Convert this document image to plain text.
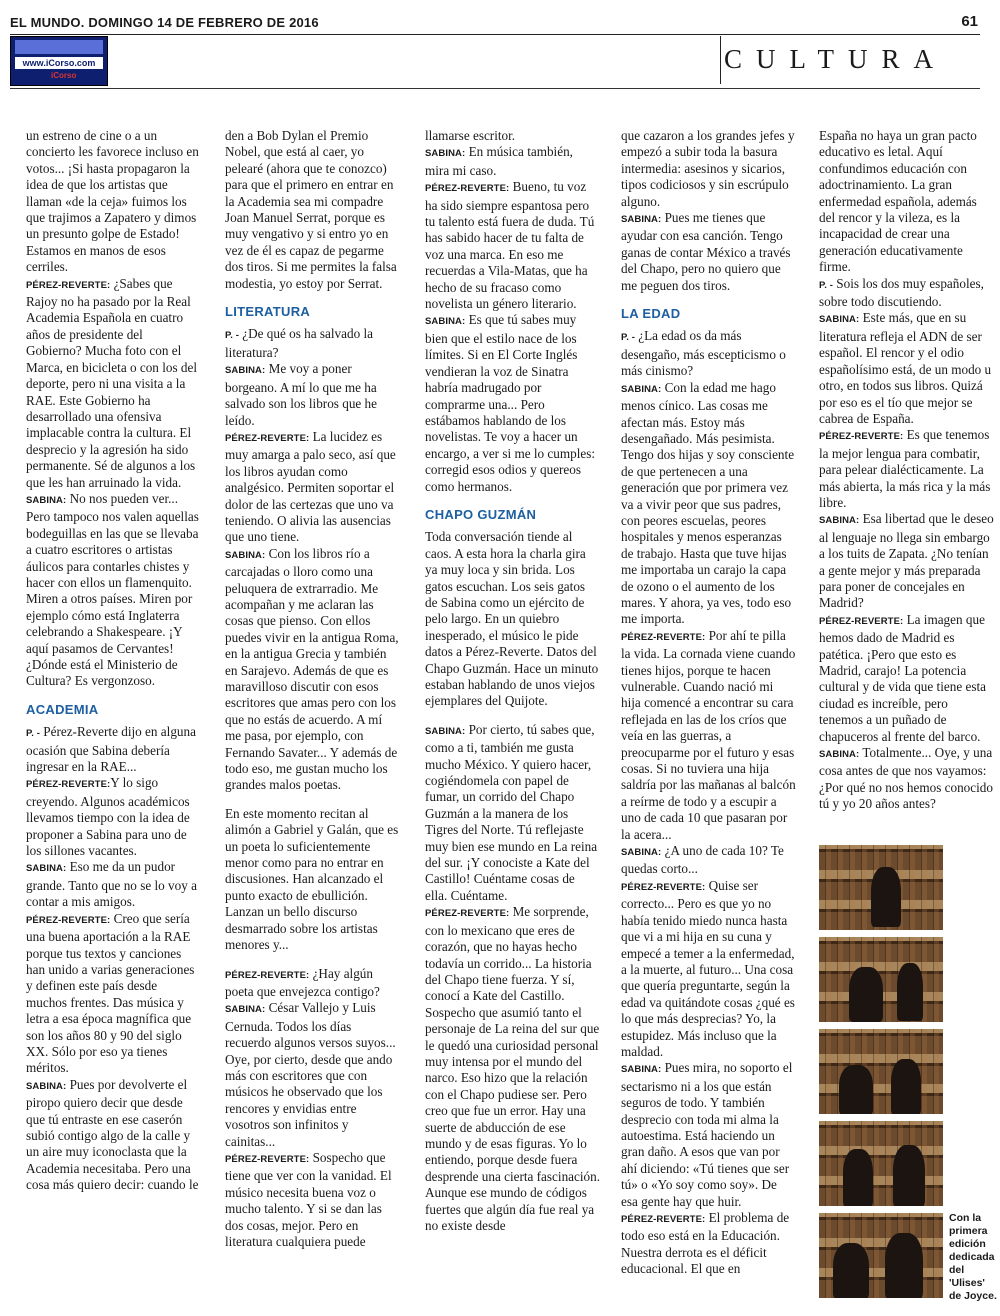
EL MUNDO. DOMINGO 14 DE FEBRERO DE 2016	61
www.iCorso.com
iCorso
CULTURA

un estreno de cine o a un concierto les favorece incluso en votos... ¡Si hasta propagaron la idea de que los artistas que llaman «de la ceja» fuimos los que trajimos a Zapatero y dimos un presunto golpe de Estado! Estamos en manos de esos cerriles.

PÉREZ-REVERTE: ¿Sabes que Rajoy no ha pasado por la Real Academia Española en cuatro años de presidente del Gobierno? Mucha foto con el Marca, en bicicleta o con los del deporte, pero ni una visita a la RAE. Este Gobierno ha desarrollado una ofensiva implacable contra la cultura. El desprecio y la agresión ha sido permanente. Sé de algunos a los que les han arruinado la vida.

SABINA: No nos pueden ver... Pero tampoco nos valen aquellas bodeguillas en las que se llevaba a cuatro escritores o artistas áulicos para contarles chistes y hacer con ellos un flamenquito. Miren a otros países. Miren por ejemplo cómo está Inglaterra celebrando a Shakespeare. ¡Y aquí pasamos de Cervantes! ¿Dónde está el Ministerio de Cultura? Es vergonzoso.

ACADEMIA

P. - Pérez-Reverte dijo en alguna ocasión que Sabina debería ingresar en la RAE...

PÉREZ-REVERTE:Y lo sigo creyendo. Algunos académicos llevamos tiempo con la idea de proponer a Sabina para uno de los sillones vacantes.

SABINA: Eso me da un pudor grande. Tanto que no se lo voy a contar a mis amigos.

PÉREZ-REVERTE: Creo que sería una buena aportación a la RAE porque tus textos y canciones han unido a varias generaciones y definen este país desde muchos frentes. Das música y letra a esa época magnífica que son los años 80 y 90 del siglo XX. Sólo por eso ya tienes méritos.

SABINA: Pues por devolverte el piropo quiero decir que desde que tú entraste en ese caserón subió contigo algo de la calle y un aire muy iconoclasta que la Academia necesitaba. Pero una cosa más quiero decir: cuando le

den a Bob Dylan el Premio Nobel, que está al caer, yo pelearé (ahora que te conozco) para que el primero en entrar en la Academia sea mi compadre Joan Manuel Serrat, porque es muy vengativo y si entro yo en vez de él es capaz de pegarme dos tiros. Si me permites la falsa modestia, yo estoy por Serrat.

LITERATURA

P. - ¿De qué os ha salvado la literatura?

SABINA: Me voy a poner borgeano. A mí lo que me ha salvado son los libros que he leído.

PÉREZ-REVERTE: La lucidez es muy amarga a palo seco, así que los libros ayudan como analgésico. Permiten soportar el dolor de las certezas que uno va teniendo. O alivia las ausencias que uno tiene.

SABINA: Con los libros río a carcajadas o lloro como una peluquera de extrarradio. Me acompañan y me aclaran las cosas que pienso. Con ellos puedes vivir en la antigua Roma, en la antigua Grecia y también en Sarajevo. Además de que es maravilloso discutir con esos escritores que amas pero con los que no estás de acuerdo. A mí me pasa, por ejemplo, con Fernando Savater... Y además de todo eso, me gustan mucho los grandes malos poetas.

En este momento recitan al alimón a Gabriel y Galán, que es un poeta lo suficientemente menor como para no entrar en discusiones. Han alcanzado el punto exacto de ebullición. Lanzan un bello discurso desmarrado sobre los artistas menores y...

PÉREZ-REVERTE: ¿Hay algún poeta que envejezca contigo?

SABINA: César Vallejo y Luis Cernuda. Todos los días recuerdo algunos versos suyos... Oye, por cierto, desde que ando más con escritores que con músicos he observado que los rencores y envidias entre vosotros son infinitos y cainitas...

PÉREZ-REVERTE: Sospecho que tiene que ver con la vanidad. El músico necesita buena voz o mucho talento. Y si se dan las dos cosas, mejor. Pero en literatura cualquiera puede

llamarse escritor.

SABINA: En música también, mira mi caso.

PÉREZ-REVERTE: Bueno, tu voz ha sido siempre espantosa pero tu talento está fuera de duda. Tú has sabido hacer de tu falta de voz una marca. En eso me recuerdas a Vila-Matas, que ha hecho de su fracaso como novelista un género literario.

SABINA: Es que tú sabes muy bien que el estilo nace de los límites. Si en El Corte Inglés vendieran la voz de Sinatra habría madrugado por comprarme una... Pero estábamos hablando de los novelistas. Te voy a hacer un encargo, a ver si me lo cumples: corregid esos odios y quereos como hermanos.

CHAPO GUZMÁN

Toda conversación tiende al caos. A esta hora la charla gira ya muy loca y sin brida. Los gatos escuchan. Los seis gatos de Sabina como un ejército de pelo largo. En un quiebro inesperado, el músico le pide datos a Pérez-Reverte. Datos del Chapo Guzmán. Hace un minuto estaban hablando de unos viejos ejemplares del Quijote.

SABINA: Por cierto, tú sabes que, como a ti, también me gusta mucho México. Y quiero hacer, cogiéndomela con papel de fumar, un corrido del Chapo Guzmán a la manera de los Tigres del Norte. Tú reflejaste muy bien ese mundo en La reina del sur. ¡Y conociste a Kate del Castillo! Cuéntame cosas de ella. Cuéntame.

PÉREZ-REVERTE: Me sorprende, con lo mexicano que eres de corazón, que no hayas hecho todavía un corrido... La historia del Chapo tiene fuerza. Y sí, conocí a Kate del Castillo. Sospecho que asumió tanto el personaje de La reina del sur que le quedó una curiosidad personal muy intensa por el mundo del narco. Eso hizo que la relación con el Chapo pudiese ser. Pero creo que fue un error. Hay una suerte de abducción de ese mundo y de esas figuras. Yo lo entiendo, porque desde fuera desprende una cierta fascinación. Aunque ese mundo de códigos fuertes que algún día fue real ya no existe desde

que cazaron a los grandes jefes y empezó a subir toda la basura intermedia: asesinos y sicarios, tipos codiciosos y sin escrúpulo alguno.

SABINA: Pues me tienes que ayudar con esa canción. Tengo ganas de contar México a través del Chapo, pero no quiero que me peguen dos tiros.

LA EDAD

P. - ¿La edad os da más desengaño, más escepticismo o más cinismo?

SABINA: Con la edad me hago menos cínico. Las cosas me afectan más. Estoy más desengañado. Más pesimista. Tengo dos hijas y soy consciente de que pertenecen a una generación que por primera vez va a vivir peor que sus padres, con peores escuelas, peores hospitales y menos esperanzas de trabajo. Hasta que tuve hijas me importaba un carajo la capa de ozono o el aumento de los mares. Y ahora, ya ves, todo eso me importa.

PÉREZ-REVERTE: Por ahí te pilla la vida. La cornada viene cuando tienes hijos, porque te hacen vulnerable. Cuando nació mi hija comencé a encontrar su cara reflejada en las de los críos que veía en las guerras, a preocuparme por el futuro y esas cosas. Si no tuviera una hija saldría por las mañanas al balcón a reírme de todo y a escupir a uno de cada 10 que pasaran por la acera...

SABINA: ¿A uno de cada 10? Te quedas corto...

PÉREZ-REVERTE: Quise ser correcto... Pero es que yo no había tenido miedo nunca hasta que vi a mi hija en su cuna y empecé a temer a la enfermedad, a la muerte, al futuro... Una cosa que quería preguntarte, según la edad va quitándote cosas ¿qué es lo que más desprecias? Yo, la estupidez. Más incluso que la maldad.

SABINA: Pues mira, no soporto el sectarismo ni a los que están seguros de todo. Y también desprecio con toda mi alma la autoestima. Está haciendo un gran daño. A esos que van por ahí diciendo: «Tú tienes que ser tú» o «Yo soy como soy». De esa gente hay que huir.

PÉREZ-REVERTE: El problema de todo eso está en la Educación. Nuestra derrota es el déficit educacional. El que en

España no haya un gran pacto educativo es letal. Aquí confundimos educación con adoctrinamiento. La gran enfermedad española, además del rencor y la vileza, es la incapacidad de crear una generación educativamente firme.

P. - Sois los dos muy españoles, sobre todo discutiendo.

SABINA: Este más, que en su literatura refleja el ADN de ser español. El rencor y el odio españolísimo está, de un modo u otro, en todos sus libros. Quizá por eso es el tío que mejor se cabrea de España.

PÉREZ-REVERTE: Es que tenemos la mejor lengua para combatir, para pelear dialécticamente. La más abierta, la más rica y la más libre.

SABINA: Esa libertad que le deseo al lenguaje no llega sin embargo a los tuits de Zapata. ¿No tenían a gente mejor y más preparada para poner de concejales en Madrid?

PÉREZ-REVERTE: La imagen que hemos dado de Madrid es patética. ¡Pero que esto es Madrid, carajo! La potencia cultural y de vida que tiene esta ciudad es increíble, pero tenemos a un puñado de chapuceros al frente del barco.

SABINA: Totalmente... Oye, y una cosa antes de que nos vayamos: ¿Por qué no nos hemos conocido tú y yo 20 años antes?

Con la primera edición dedicada del 'Ulises' de Joyce.
